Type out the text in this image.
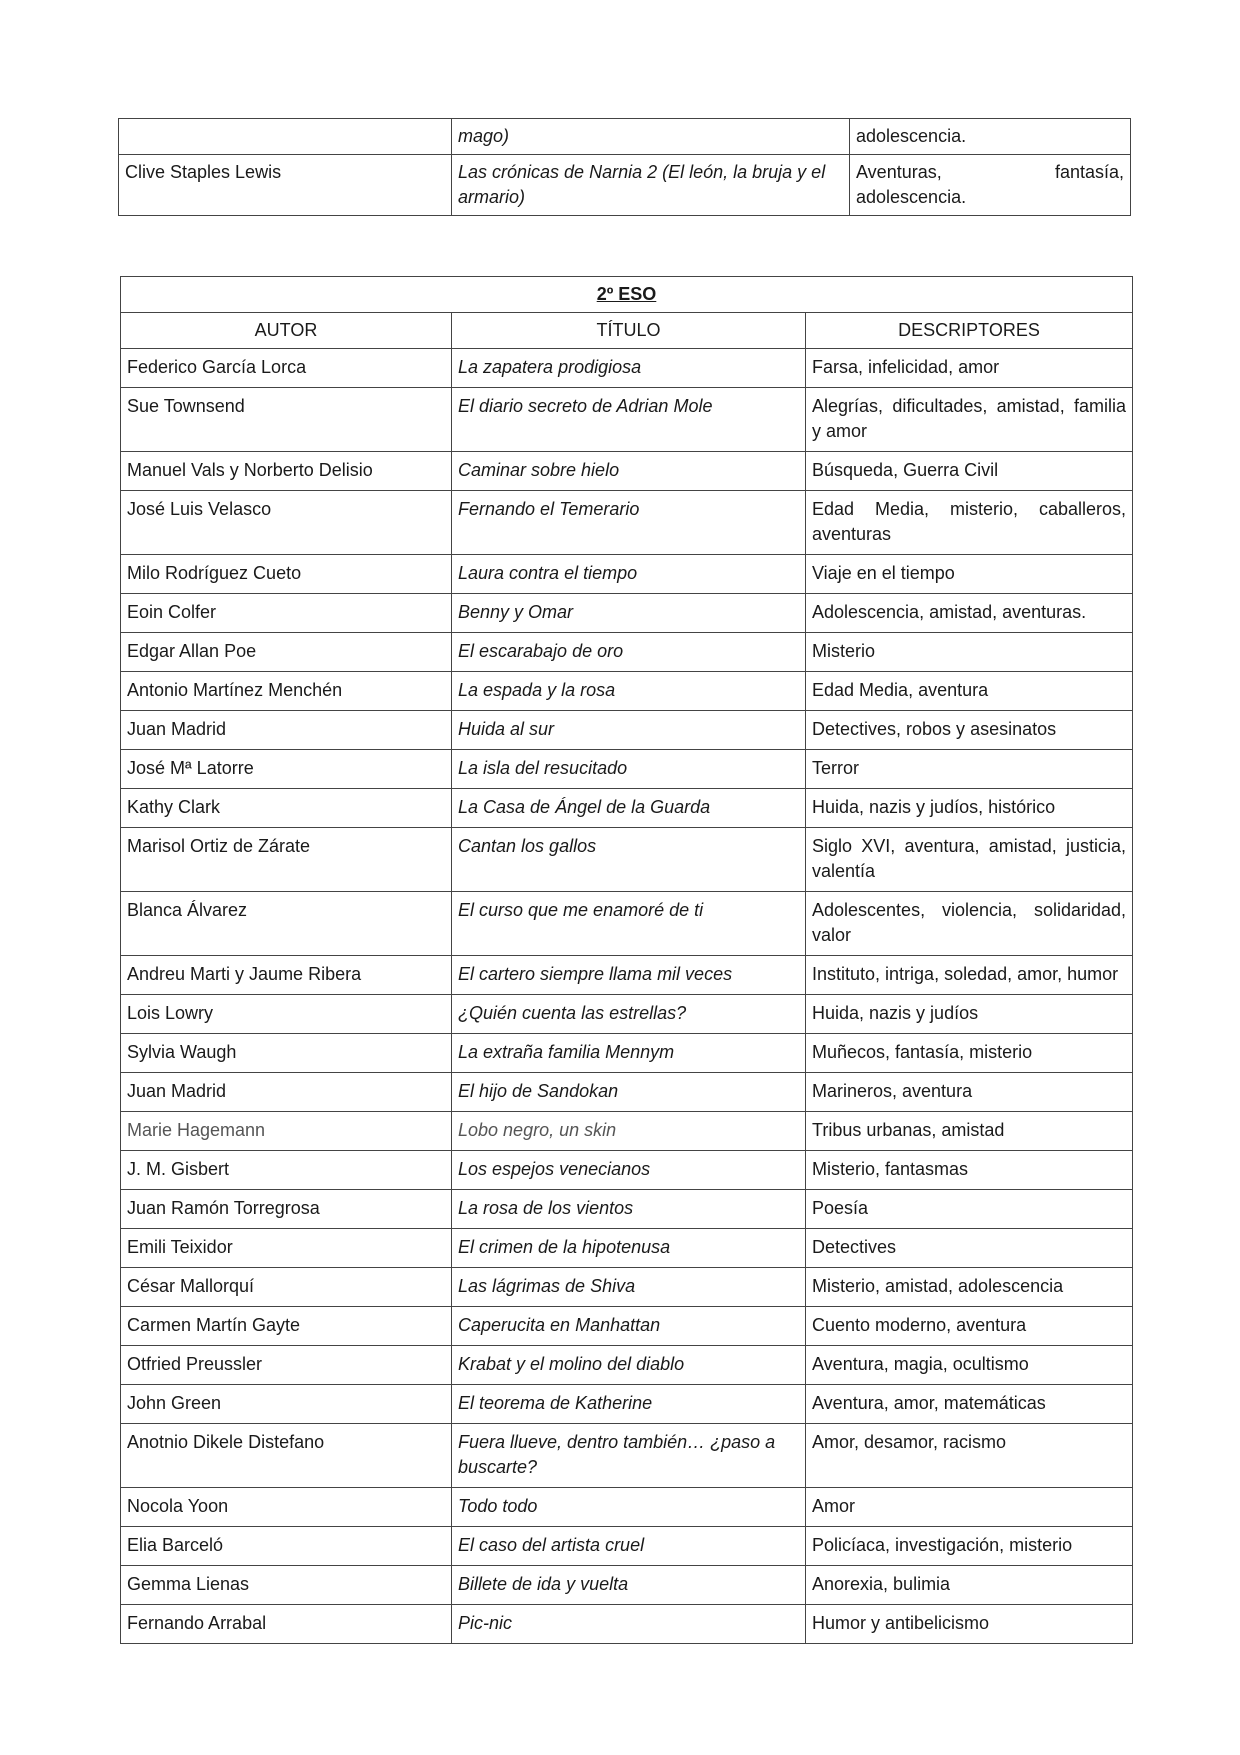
	mago)	adolescencia.
Clive Staples Lewis	Las crónicas de Narnia 2 (El león, la bruja y el armario)	Aventuras, fantasía, adolescencia.
2º ESO		
AUTOR	TÍTULO	DESCRIPTORES
Federico García Lorca	La zapatera prodigiosa	Farsa, infelicidad, amor
Sue Townsend	El diario secreto de Adrian Mole	Alegrías, dificultades, amistad, familia y amor
Manuel Vals y Norberto Delisio	Caminar sobre hielo	Búsqueda, Guerra Civil
José Luis Velasco	Fernando el Temerario	Edad Media, misterio, caballeros, aventuras
Milo Rodríguez Cueto	Laura contra el tiempo	Viaje en el tiempo
Eoin Colfer	Benny y Omar	Adolescencia, amistad, aventuras.
Edgar Allan Poe	El escarabajo de oro	Misterio
Antonio Martínez Menchén	La espada y la rosa	Edad Media, aventura
Juan Madrid	Huida al sur	Detectives, robos y asesinatos
José Mª Latorre	La isla del resucitado	Terror
Kathy Clark	La Casa de Ángel de la Guarda	Huida, nazis y judíos, histórico
Marisol Ortiz de Zárate	Cantan los gallos	Siglo XVI, aventura, amistad, justicia, valentía
Blanca Álvarez	El curso que me enamoré de ti	Adolescentes, violencia, solidaridad, valor
Andreu Marti y Jaume Ribera	El cartero siempre llama mil veces	Instituto, intriga, soledad, amor, humor
Lois Lowry	¿Quién cuenta las estrellas?	Huida, nazis y judíos
Sylvia Waugh	La extraña familia Mennym	Muñecos, fantasía, misterio
Juan Madrid	El hijo de Sandokan	Marineros, aventura
Marie Hagemann	Lobo negro, un skin	Tribus urbanas, amistad
J. M. Gisbert	Los espejos venecianos	Misterio, fantasmas
Juan Ramón Torregrosa	La rosa de los vientos	Poesía
Emili Teixidor	El crimen de la hipotenusa	Detectives
César Mallorquí	Las lágrimas de Shiva	Misterio, amistad, adolescencia
Carmen Martín Gayte	Caperucita en Manhattan	Cuento moderno, aventura
Otfried Preussler	Krabat y el molino del diablo	Aventura, magia, ocultismo
John Green	El teorema de Katherine	Aventura, amor, matemáticas
Anotnio Dikele Distefano	Fuera llueve, dentro también… ¿paso a buscarte?	Amor, desamor, racismo
Nocola Yoon	Todo todo	Amor
Elia Barceló	El caso del artista cruel	Policíaca, investigación, misterio
Gemma Lienas	Billete de ida y vuelta	Anorexia, bulimia
Fernando Arrabal	Pic-nic	Humor y antibelicismo
